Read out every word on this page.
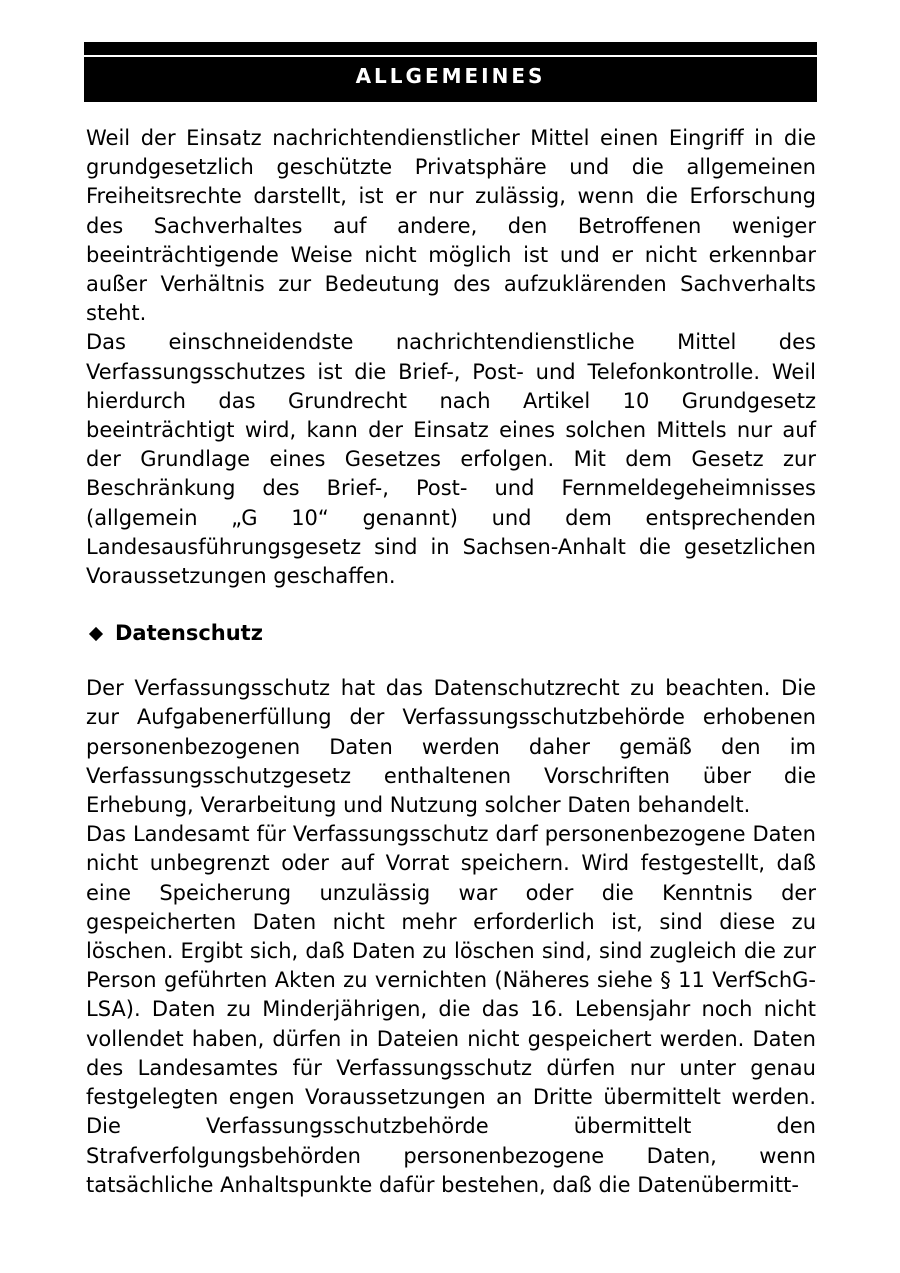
ALLGEMEINES

Weil der Einsatz nachrichtendienstlicher Mittel einen Eingriff in die grundgesetzlich geschützte Privatsphäre und die allgemeinen Freiheitsrechte darstellt, ist er nur zulässig, wenn die Erforschung des Sachverhaltes auf andere, den Betroffenen weniger beeinträchtigende Weise nicht möglich ist und er nicht erkennbar außer Verhältnis zur Bedeutung des aufzuklärenden Sachverhalts steht.

Das einschneidendste nachrichtendienstliche Mittel des Verfassungsschutzes ist die Brief-, Post- und Telefonkontrolle. Weil hierdurch das Grundrecht nach Artikel 10 Grundgesetz beeinträchtigt wird, kann der Einsatz eines solchen Mittels nur auf der Grundlage eines Gesetzes erfolgen. Mit dem Gesetz zur Beschränkung des Brief-, Post- und Fernmeldegeheimnisses (allgemein „G 10“ genannt) und dem entsprechenden Landesausführungsgesetz sind in Sachsen-Anhalt die gesetzlichen Voraussetzungen geschaffen.

Datenschutz

Der Verfassungsschutz hat das Datenschutzrecht zu beachten. Die zur Aufgabenerfüllung der Verfassungsschutzbehörde erhobenen personenbezogenen Daten werden daher gemäß den im Verfassungsschutzgesetz enthaltenen Vorschriften über die Erhebung, Verarbeitung und Nutzung solcher Daten behandelt.

Das Landesamt für Verfassungsschutz darf personenbezogene Daten nicht unbegrenzt oder auf Vorrat speichern. Wird festgestellt, daß eine Speicherung unzulässig war oder die Kenntnis der gespeicherten Daten nicht mehr erforderlich ist, sind diese zu löschen. Ergibt sich, daß Daten zu löschen sind, sind zugleich die zur Person geführten Akten zu vernichten (Näheres siehe § 11 VerfSchG-LSA). Daten zu Minderjährigen, die das 16. Lebensjahr noch nicht vollendet haben, dürfen in Dateien nicht gespeichert werden. Daten des Landesamtes für Verfassungsschutz dürfen nur unter genau festgelegten engen Voraussetzungen an Dritte übermittelt werden. Die Verfassungsschutzbehörde übermittelt den Strafverfolgungsbehörden personenbezogene Daten, wenn tatsächliche Anhaltspunkte dafür bestehen, daß die Datenübermitt-
